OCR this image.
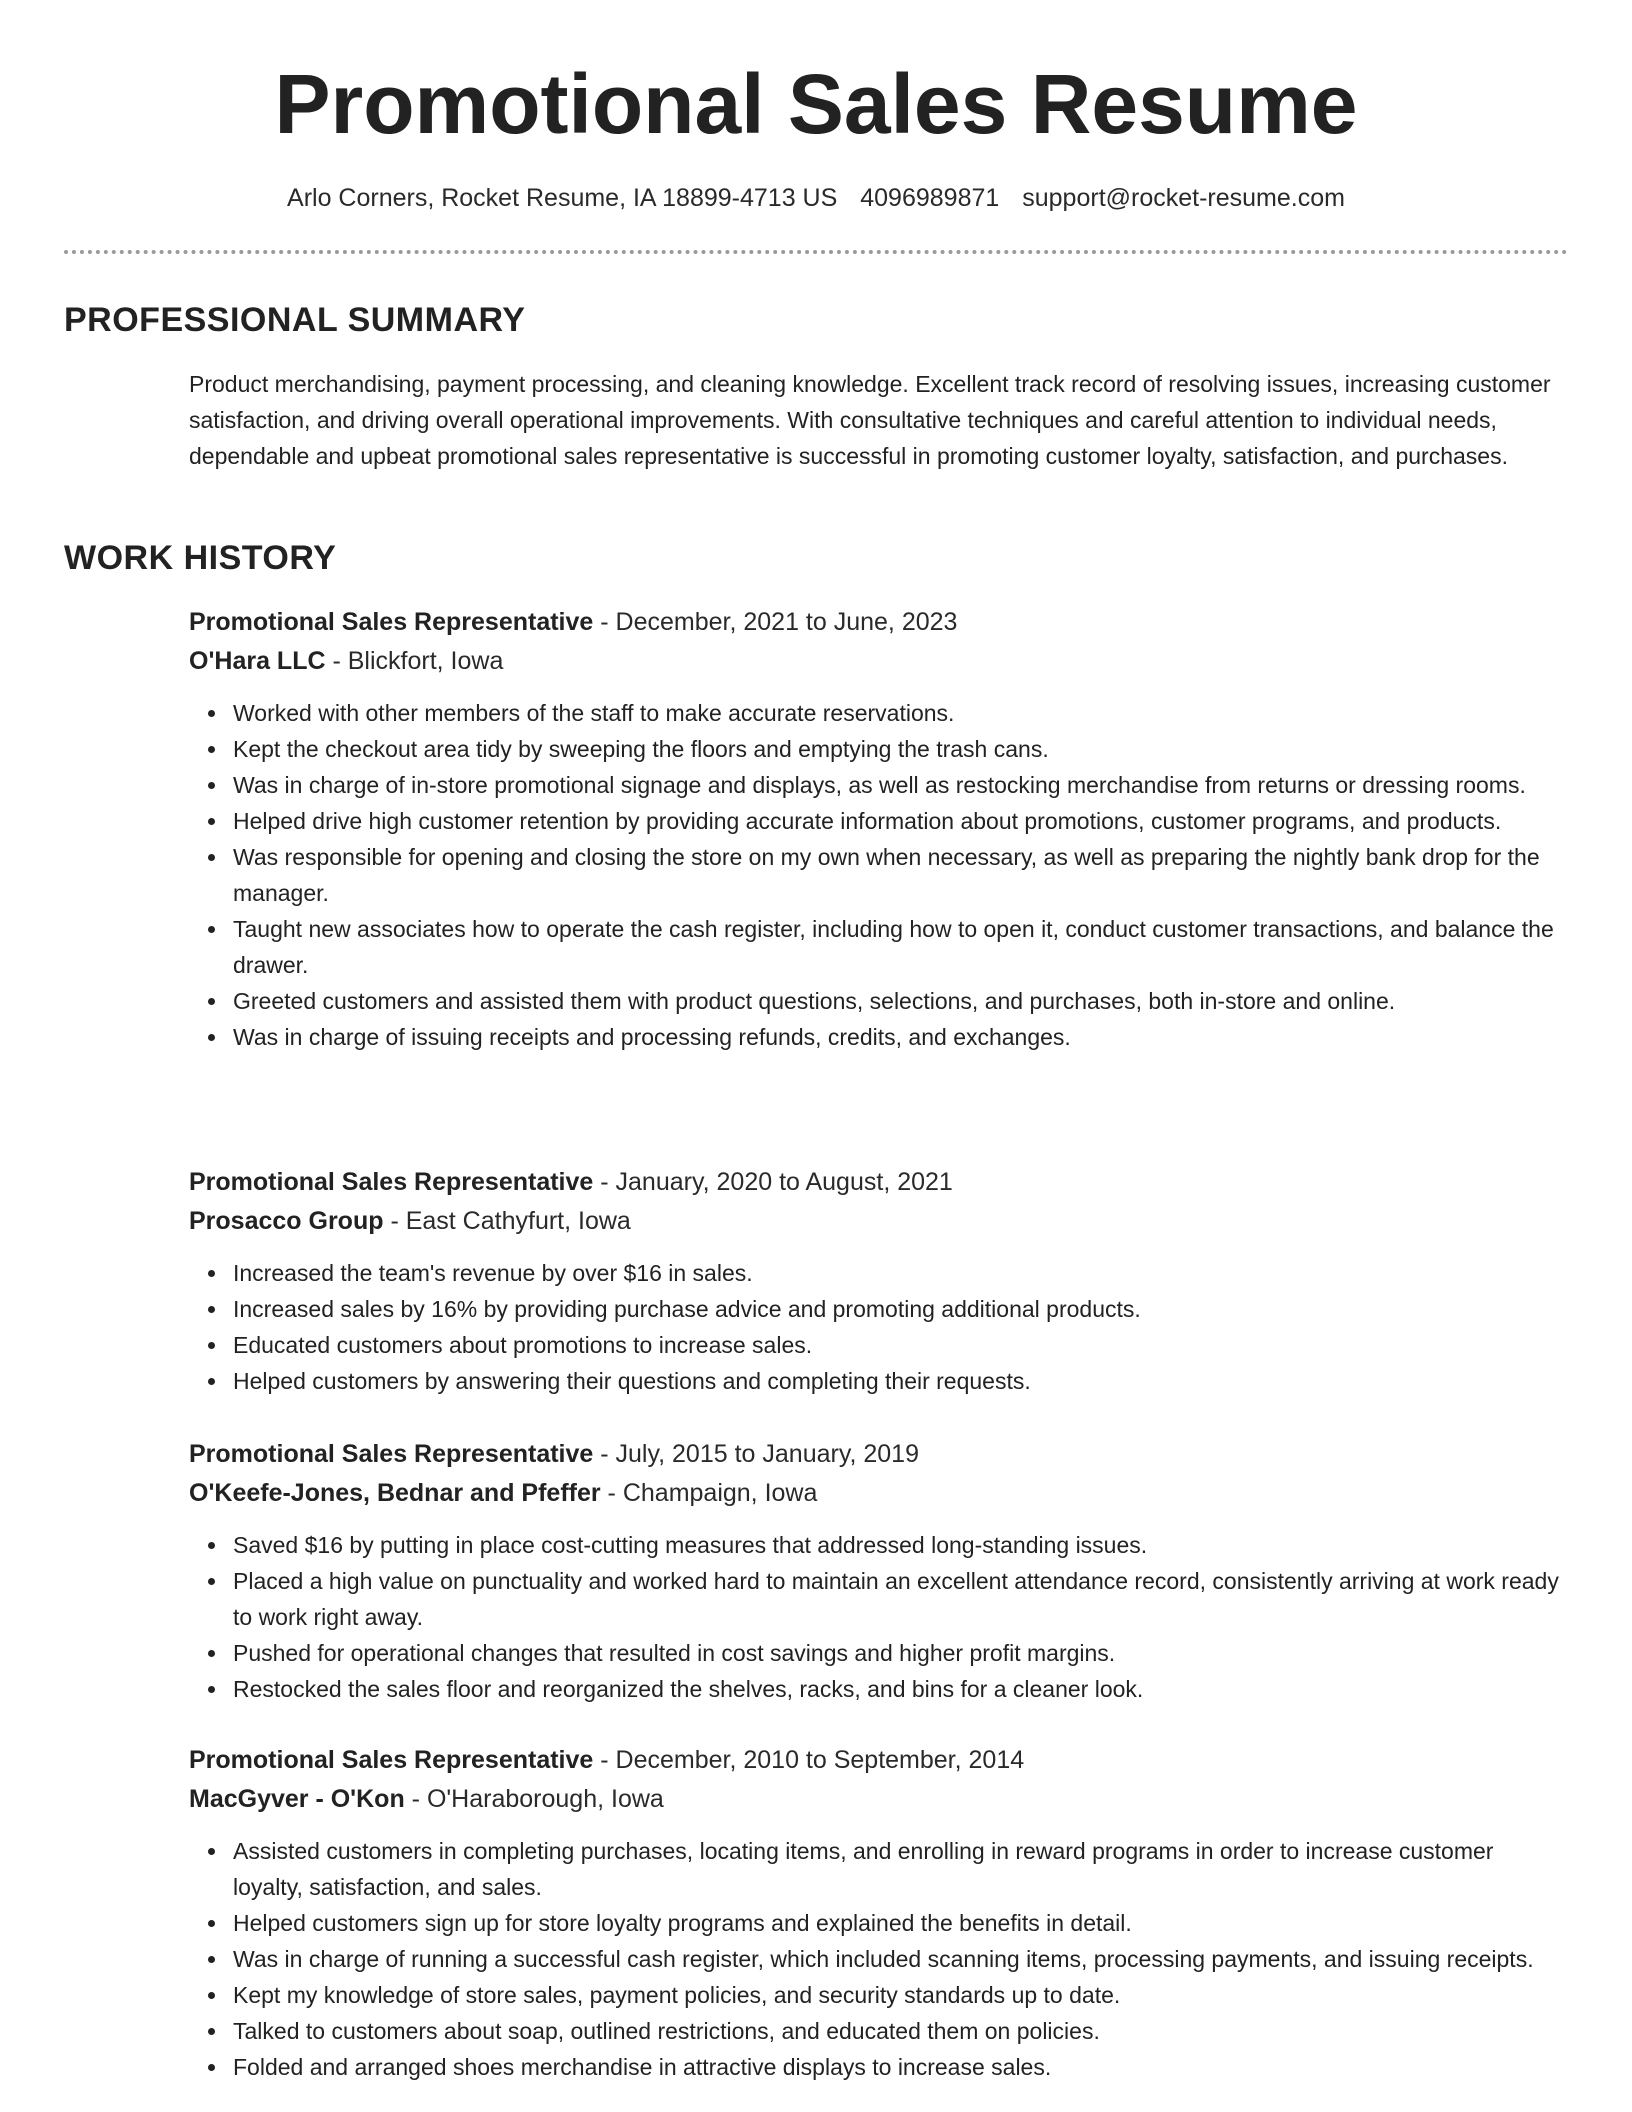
Promotional Sales Resume
Arlo Corners, Rocket Resume, IA 18899-4713 US 4096989871 support@rocket-resume.com
PROFESSIONAL SUMMARY

Product merchandising, payment processing, and cleaning knowledge. Excellent track record of resolving issues, increasing customer satisfaction, and driving overall operational improvements. With consultative techniques and careful attention to individual needs, dependable and upbeat promotional sales representative is successful in promoting customer loyalty, satisfaction, and purchases.

WORK HISTORY
Promotional Sales Representative - December, 2021 to June, 2023
O'Hara LLC - Blickfort, Iowa
Worked with other members of the staff to make accurate reservations.
Kept the checkout area tidy by sweeping the floors and emptying the trash cans.
Was in charge of in-store promotional signage and displays, as well as restocking merchandise from returns or dressing rooms.
Helped drive high customer retention by providing accurate information about promotions, customer programs, and products.
Was responsible for opening and closing the store on my own when necessary, as well as preparing the nightly bank drop for the manager.
Taught new associates how to operate the cash register, including how to open it, conduct customer transactions, and balance the drawer.
Greeted customers and assisted them with product questions, selections, and purchases, both in-store and online.
Was in charge of issuing receipts and processing refunds, credits, and exchanges.
Promotional Sales Representative - January, 2020 to August, 2021
Prosacco Group - East Cathyfurt, Iowa
Increased the team's revenue by over $16 in sales.
Increased sales by 16% by providing purchase advice and promoting additional products.
Educated customers about promotions to increase sales.
Helped customers by answering their questions and completing their requests.
Promotional Sales Representative - July, 2015 to January, 2019
O'Keefe-Jones, Bednar and Pfeffer - Champaign, Iowa
Saved $16 by putting in place cost-cutting measures that addressed long-standing issues.
Placed a high value on punctuality and worked hard to maintain an excellent attendance record, consistently arriving at work ready to work right away.
Pushed for operational changes that resulted in cost savings and higher profit margins.
Restocked the sales floor and reorganized the shelves, racks, and bins for a cleaner look.
Promotional Sales Representative - December, 2010 to September, 2014
MacGyver - O'Kon - O'Haraborough, Iowa
Assisted customers in completing purchases, locating items, and enrolling in reward programs in order to increase customer loyalty, satisfaction, and sales.
Helped customers sign up for store loyalty programs and explained the benefits in detail.
Was in charge of running a successful cash register, which included scanning items, processing payments, and issuing receipts.
Kept my knowledge of store sales, payment policies, and security standards up to date.
Talked to customers about soap, outlined restrictions, and educated them on policies.
Folded and arranged shoes merchandise in attractive displays to increase sales.
